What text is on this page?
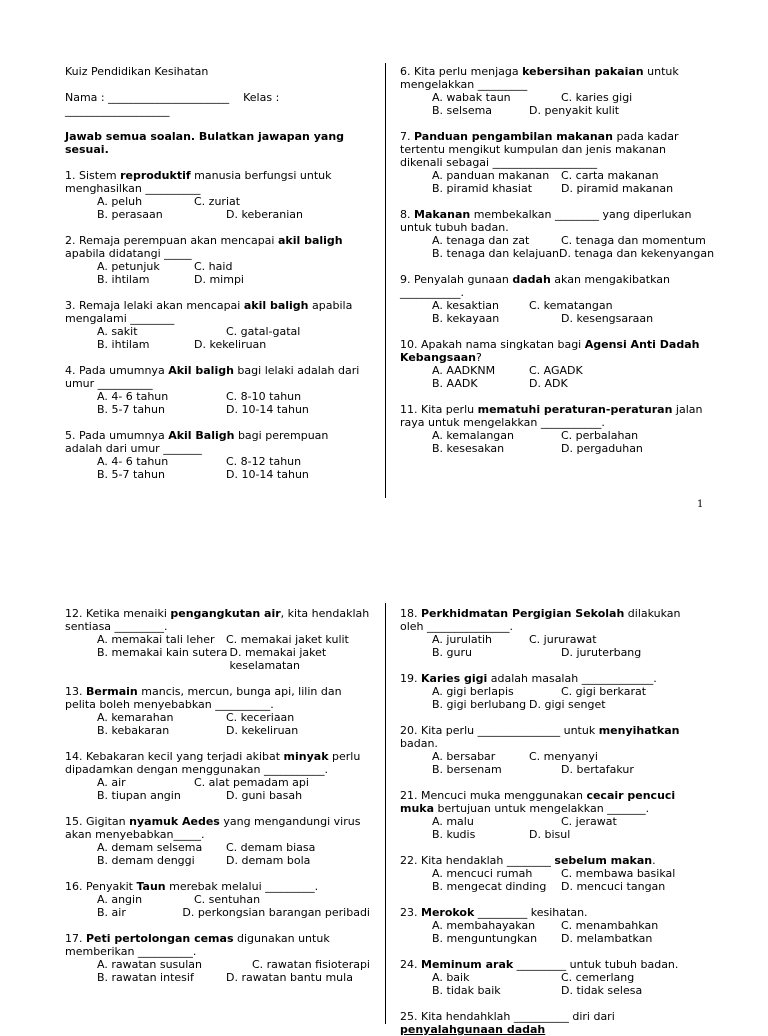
Kuiz Pendidikan Kesihatan
Nama : ______________________ Kelas :
___________________
Jawab semua soalan. Bulatkan jawapan yang sesuai.

1. Sistem reproduktif manusia berfungsi untuk menghasilkan __________

A. peluh	C. zuriat
B. perasaan	D. keberanian

2. Remaja perempuan akan mencapai akil baligh apabila didatangi _____

A. petunjuk	C. haid
B. ihtilam	D. mimpi

3. Remaja lelaki akan mencapai akil baligh apabila mengalami ________

A. sakit	C. gatal-gatal
B. ihtilam	D. kekeliruan

4. Pada umumnya Akil baligh bagi lelaki adalah dari umur __________

A. 4- 6 tahun	C. 8-10 tahun
B. 5-7 tahun	D. 10-14 tahun

5. Pada umumnya Akil Baligh bagi perempuan adalah dari umur _______

A. 4- 6 tahun	C. 8-12 tahun
B. 5-7 tahun	D. 10-14 tahun

6. Kita perlu menjaga kebersihan pakaian untuk mengelakkan _________

A. wabak taun	C. karies gigi
B. selsema	D. penyakit kulit

7. Panduan pengambilan makanan pada kadar tertentu mengikut kumpulan dan jenis makanan dikenali sebagai ___________________

A. panduan makanan	C. carta makanan
B. piramid khasiat	D. piramid makanan

8. Makanan membekalkan ________ yang diperlukan untuk tubuh badan.

A. tenaga dan zat	C. tenaga dan momentum
B. tenaga dan kelajuan D. tenaga dan kekenyangan

9. Penyalah gunaan dadah akan mengakibatkan ___________.

A. kesaktian	C. kematangan
B. kekayaan	D. kesengsaraan

10. Apakah nama singkatan bagi Agensi Anti Dadah Kebangsaan?

A. AADKNM	C. AGADK
B. AADK	D. ADK

11. Kita perlu mematuhi peraturan-peraturan jalan raya untuk mengelakkan ___________.

A. kemalangan	C. perbalahan
B. kesesakan	D. pergaduhan
1

12. Ketika menaiki pengangkutan air, kita hendaklah sentiasa _________.

A. memakai tali leher	C. memakai jaket kulit
B. memakai kain sutera D. memakai jaket keselamatan

13. Bermain mancis, mercun, bunga api, lilin dan pelita boleh menyebabkan __________.

A. kemarahan	C. keceriaan
B. kebakaran	D. kekeliruan

14. Kebakaran kecil yang terjadi akibat minyak perlu dipadamkan dengan menggunakan ___________.

A. air	C. alat pemadam api
B. tiupan angin	D. guni basah

15. Gigitan nyamuk Aedes yang mengandungi virus akan menyebabkan_____.

A. demam selsema	C. demam biasa
B. demam denggi	D. demam bola

16. Penyakit Taun merebak melalui _________.

A. angin	C. sentuhan
B. air	D. perkongsian barangan peribadi

17. Peti pertolongan cemas digunakan untuk memberikan __________.

A. rawatan susulan	C. rawatan fisioterapi
B. rawatan intesif	D. rawatan bantu mula

18. Perkhidmatan Pergigian Sekolah dilakukan oleh _______________.

A. jurulatih	C. jururawat
B. guru	D. juruterbang

19. Karies gigi adalah masalah _____________.

A. gigi berlapis	C. gigi berkarat
B. gigi berlubang D. gigi senget

20. Kita perlu _______________ untuk menyihatkan badan.

A. bersabar	C. menyanyi
B. bersenam	D. bertafakur

21. Mencuci muka menggunakan cecair pencuci muka bertujuan untuk mengelakkan _______.

A. malu	C. jerawat
B. kudis	D. bisul

22. Kita hendaklah ________ sebelum makan.

A. mencuci rumah	C. membawa basikal
B. mengecat dinding	D. mencuci tangan

23. Merokok _________ kesihatan.

A. membahayakan	C. menambahkan
B. menguntungkan	D. melambatkan

24. Meminum arak _________ untuk tubuh badan.

A. baik	C. cemerlang
B. tidak baik	D. tidak selesa

25. Kita hendahklah __________ diri dari penyalahgunaan dadah
